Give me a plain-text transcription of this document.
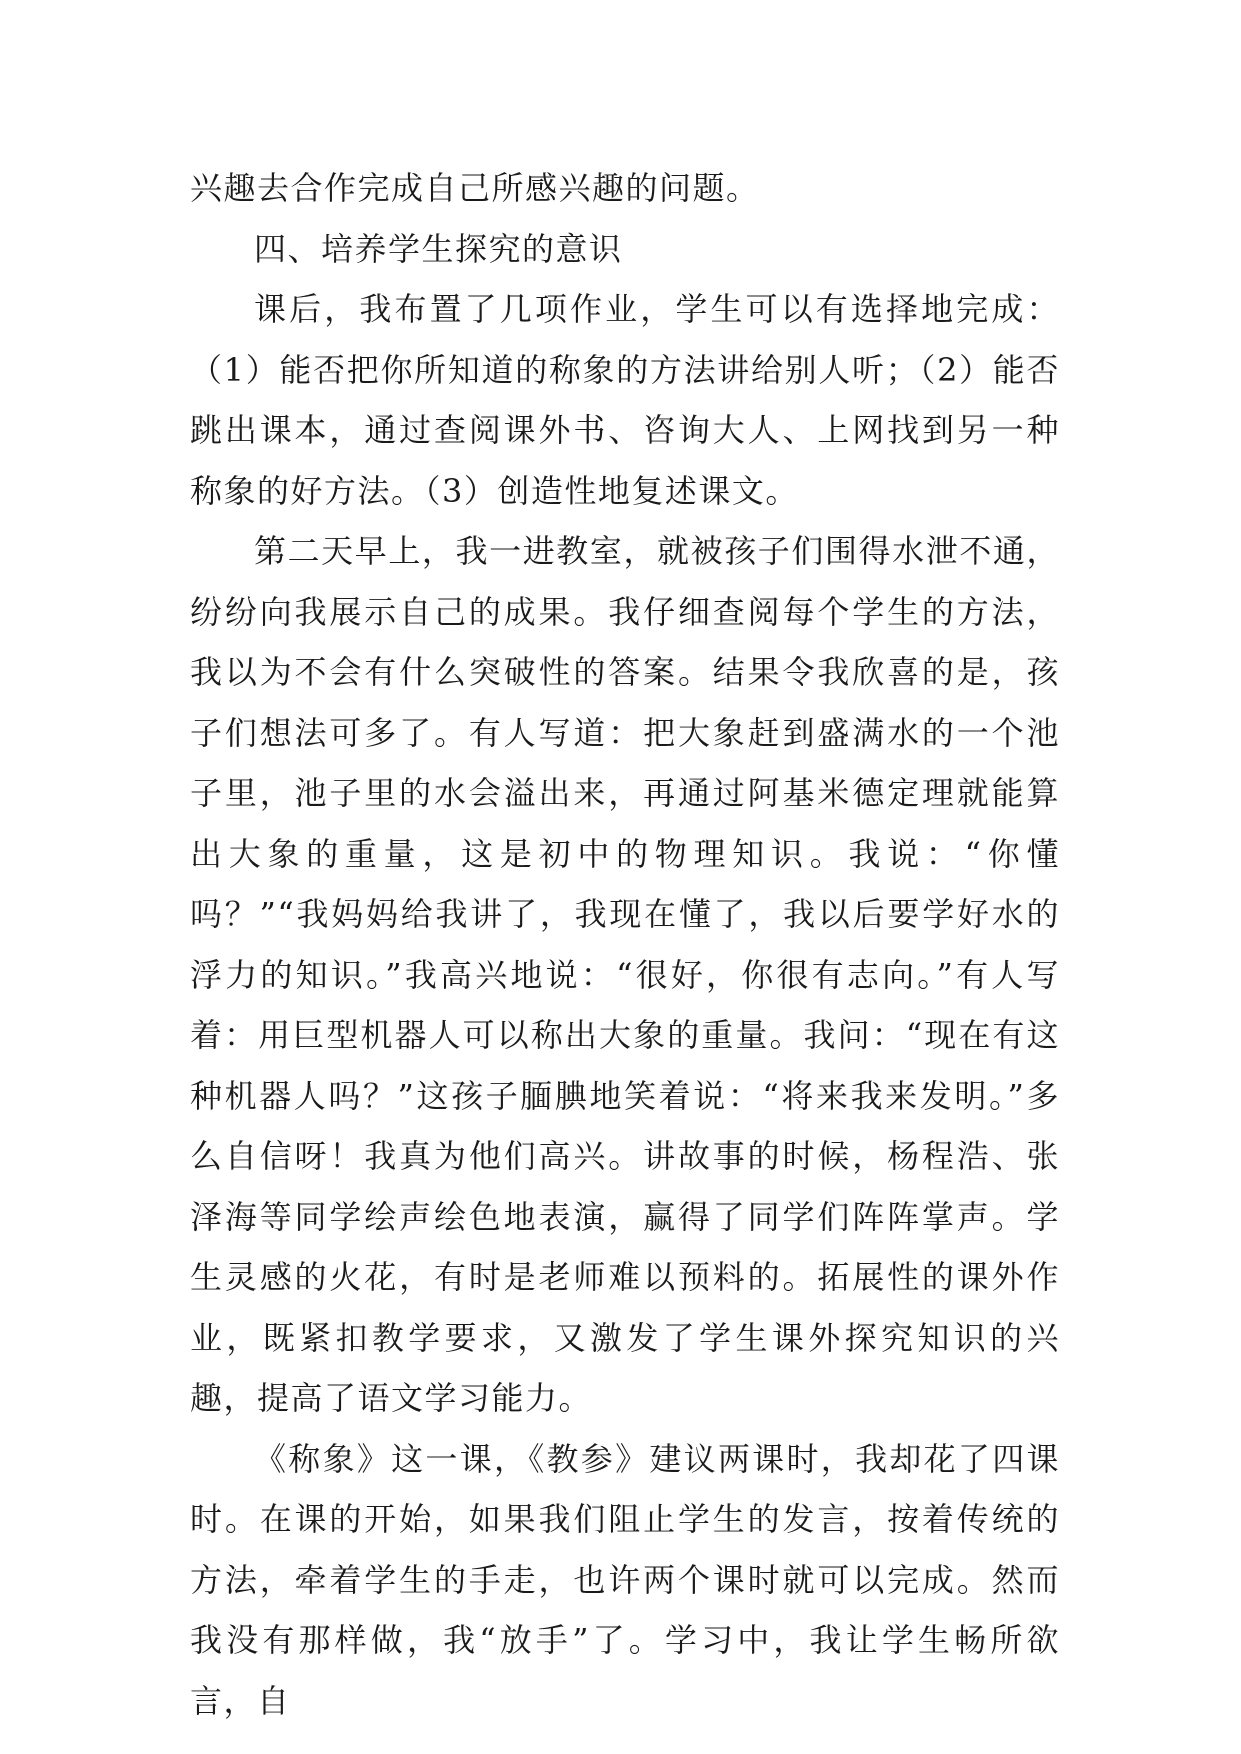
兴趣去合作完成自己所感兴趣的问题。

四、培养学生探究的意识

课后，我布置了几项作业，学生可以有选择地完成：（1）能否把你所知道的称象的方法讲给别人听；（2）能否跳出课本，通过查阅课外书、咨询大人、上网找到另一种称象的好方法。（3）创造性地复述课文。

第二天早上，我一进教室，就被孩子们围得水泄不通，纷纷向我展示自己的成果。我仔细查阅每个学生的方法，我以为不会有什么突破性的答案。结果令我欣喜的是，孩子们想法可多了。有人写道：把大象赶到盛满水的一个池子里，池子里的水会溢出来，再通过阿基米德定理就能算出大象的重量，这是初中的物理知识。我说：“你懂吗？”“我妈妈给我讲了，我现在懂了，我以后要学好水的浮力的知识。”我高兴地说：“很好，你很有志向。”有人写着：用巨型机器人可以称出大象的重量。我问：“现在有这种机器人吗？”这孩子腼腆地笑着说：“将来我来发明。”多么自信呀！我真为他们高兴。讲故事的时候，杨程浩、张泽海等同学绘声绘色地表演，赢得了同学们阵阵掌声。学生灵感的火花，有时是老师难以预料的。拓展性的课外作业，既紧扣教学要求，又激发了学生课外探究知识的兴趣，提高了语文学习能力。

《称象》这一课，《教参》建议两课时，我却花了四课时。在课的开始，如果我们阻止学生的发言，按着传统的方法，牵着学生的手走，也许两个课时就可以完成。然而我没有那样做，我“放手”了。学习中，我让学生畅所欲言，自
